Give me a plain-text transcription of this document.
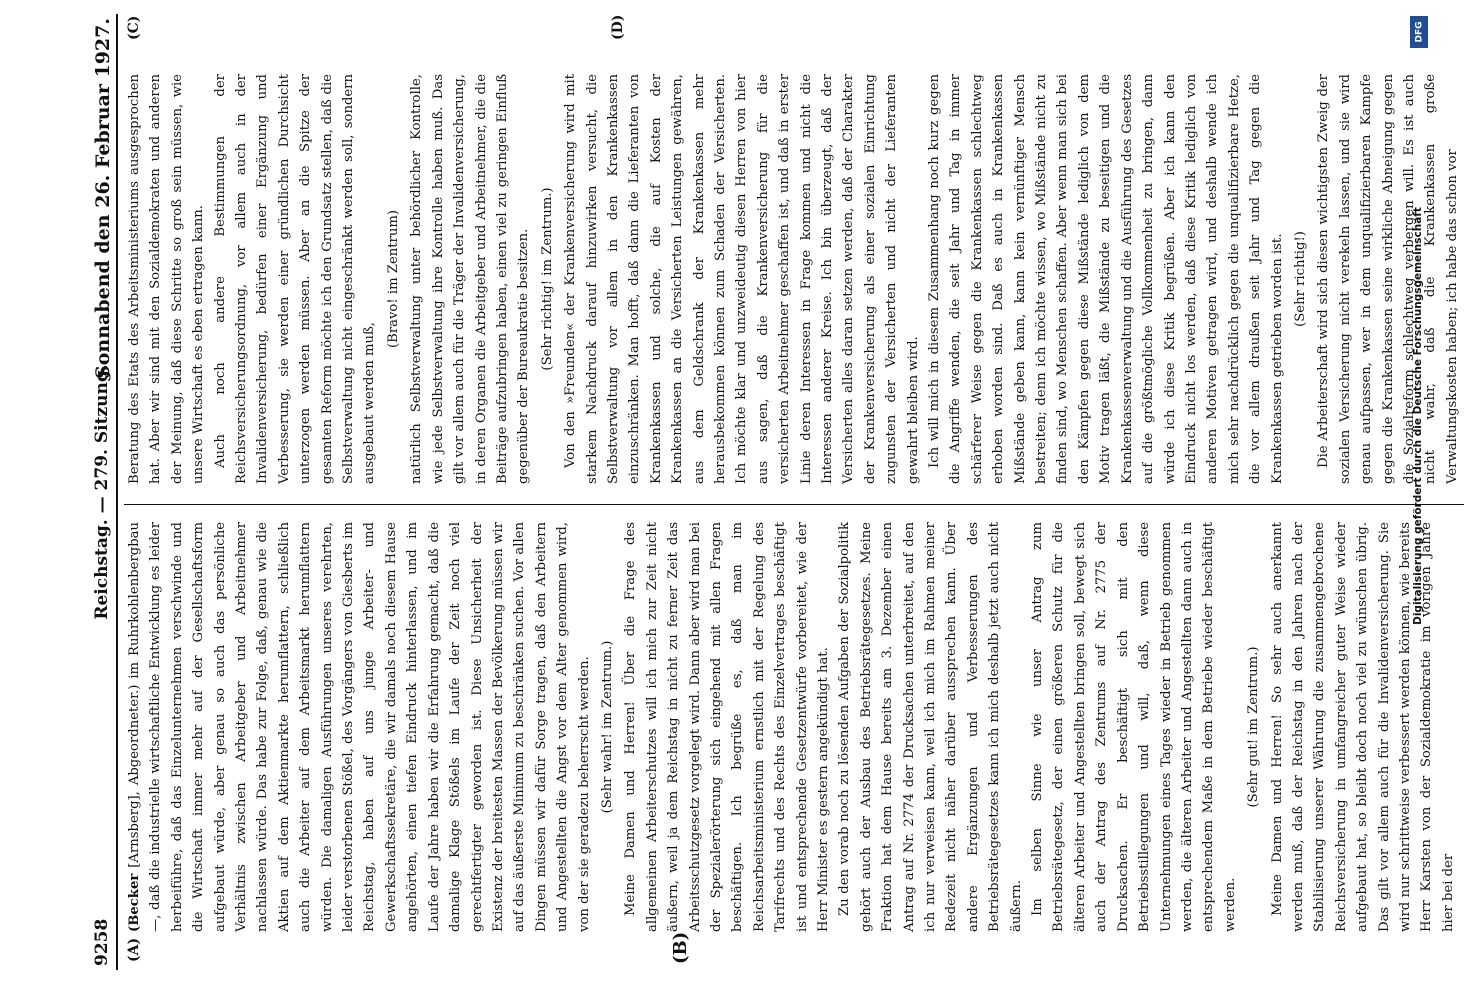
9258
Reichstag. — 279. Sitzung.
Sonnabend den 26. Februar 1927.
(A)	(B)
(C)	(D)

(Becker [Arnsberg], Abgeordneter.) im Ruhrkohlenbergbau —, daß die industrielle wirtschaftliche Entwicklung es leider herbeiführe, daß das Einzelunternehmen verschwinde und die Wirtschaft immer mehr auf der Gesellschaftsform aufgebaut würde, aber genau so auch das persönliche Verhältnis zwischen Arbeitgeber und Arbeitnehmer nachlassen würde. Das habe zur Folge, daß, genau wie die Aktien auf dem Aktienmarkte herumflattern, schließlich auch die Arbeiter auf dem Arbeitsmarkt herumflattern würden. Die damaligen Ausführungen unseres verehrten, leider verstorbenen Stößel, des Vorgängers von Giesberts im Reichstag, haben auf uns junge Arbeiter- und Gewerkschaftssekretäre, die wir damals noch diesem Hause angehörten, einen tiefen Eindruck hinterlassen, und im Laufe der Jahre haben wir die Erfahrung gemacht, daß die damalige Klage Stößels im Laufe der Zeit noch viel gerechtfertigter geworden ist. Diese Unsicherheit der Existenz der breitesten Massen der Bevölkerung müssen wir auf das äußerste Minimum zu beschränken suchen. Vor allen Dingen müssen wir dafür Sorge tragen, daß den Arbeitern und Angestellten die Angst vor dem Alter genommen wird, von der sie geradezu beherrscht werden. (Sehr wahr! im Zentrum.) Meine Damen und Herren! Über die Frage des allgemeinen Arbeiterschutzes will ich mich zur Zeit nicht äußern, weil ja dem Reichstag in nicht zu ferner Zeit das Arbeitsschutzgesetz vorgelegt wird. Dann aber wird man bei der Spezialerörterung sich eingehend mit allen Fragen beschäftigen. Ich begrüße es, daß man im Reichsarbeitsministerium ernstlich mit der Regelung des Tarifrechts und des Rechts des Einzelvertrages beschäftigt ist und entsprechende Gesetzentwürfe vorbereitet, wie der Herr Minister es gestern angekündigt hat. Zu den vorab noch zu lösenden Aufgaben der Sozialpolitik gehört auch der Ausbau des Betriebsrätegesetzes. Meine Fraktion hat dem Hause bereits am 3. Dezember einen Antrag auf Nr. 2774 der Drucksachen unterbreitet, auf den ich nur verweisen kann, weil ich mich im Rahmen meiner Redezeit nicht näher darüber aussprechen kann. Über andere Ergänzungen und Verbesserungen des Betriebsrätegesetzes kann ich mich deshalb jetzt auch nicht äußern. Im selben Sinne wie unser Antrag zum Betriebsrätegesetz, der einen größeren Schutz für die älteren Arbeiter und Angestellten bringen soll, bewegt sich auch der Antrag des Zentrums auf Nr. 2775 der Drucksachen. Er beschäftigt sich mit den Betriebsstillegungen und will, daß, wenn diese Unternehmungen eines Tages wieder in Betrieb genommen werden, die älteren Arbeiter und Angestellten dann auch in entsprechendem Maße in dem Betriebe wieder beschäftigt werden.

(Sehr gut! im Zentrum.) Meine Damen und Herren! So sehr auch anerkannt werden muß, daß der Reichstag in den Jahren nach der Stabilisierung unserer Währung die zusammengebrochene Reichsversicherung in umfangreicher guter Weise wieder aufgebaut hat, so bleibt doch noch viel zu wünschen übrig. Das gilt vor allem auch für die Invalidenversicherung. Sie wird nur schrittweise verbessert werden können, wie bereits Herr Karsten von der Sozialdemokratie im vorigen Jahre hier bei der

Beratung des Etats des Arbeitsministeriums ausgesprochen hat. Aber wir sind mit den Sozialdemokraten und anderen der Meinung, daß diese Schritte so groß sein müssen, wie unsere Wirtschaft es eben ertragen kann. Auch noch andere Bestimmungen der Reichsversicherungsordnung, vor allem auch in der Invalidenversicherung, bedürfen einer Ergänzung und Verbesserung, sie werden einer gründlichen Durchsicht unterzogen werden müssen. Aber an die Spitze der gesamten Reform möchte ich den Grundsatz stellen, daß die Selbstverwaltung nicht eingeschränkt werden soll, sondern ausgebaut werden muß,

(Bravo! im Zentrum) natürlich Selbstverwaltung unter behördlicher Kontrolle, wie jede Selbstverwaltung ihre Kontrolle haben muß. Das gilt vor allem auch für die Träger der Invalidenversicherung, in deren Organen die Arbeitgeber und Arbeitnehmer, die die Beiträge aufzubringen haben, einen viel zu geringen Einfluß gegenüber der Bureaukratie besitzen. (Sehr richtig! im Zentrum.) Von den »Freunden« der Krankenversicherung wird mit starkem Nachdruck darauf hinzuwirken versucht, die Selbstverwaltung vor allem in den Krankenkassen einzuschränken. Man hofft, daß dann die Lieferanten von Krankenkassen und solche, die auf Kosten der Krankenkassen an die Versicherten Leistungen gewähren, aus dem Geldschrank der Krankenkassen mehr herausbekommen können zum Schaden der Versicherten. Ich möchte klar und unzweideutig diesen Herren von hier aus sagen, daß die Krankenversicherung für die versicherten Arbeitnehmer geschaffen ist, und daß in erster Linie deren Interessen in Frage kommen und nicht die Interessen anderer Kreise. Ich bin überzeugt, daß der Versicherten alles daran setzen werden, daß der Charakter der Krankenversicherung als einer sozialen Einrichtung zugunsten der Versicherten und nicht der Lieferanten gewahrt bleiben wird. Ich will mich in diesem Zusammenhang noch kurz gegen die Angriffe wenden, die seit Jahr und Tag in immer schärferer Weise gegen die Krankenkassen schlechtweg erhoben worden sind. Daß es auch in Krankenkassen Mißstände geben kann, kann kein vernünftiger Mensch bestreiten; denn ich möchte wissen, wo Mißstände nicht zu finden sind, wo Menschen schaffen. Aber wenn man sich bei den Kämpfen gegen diese Mißstände lediglich von dem Motiv tragen läßt, die Mißstände zu beseitigen und die Krankenkassenverwaltung und die Ausführung des Gesetzes auf die größtmögliche Vollkommenheit zu bringen, dann würde ich diese Kritik begrüßen. Aber ich kann den Eindruck nicht los werden, daß diese Kritik lediglich von anderen Motiven getragen wird, und deshalb wende ich mich sehr nachdrücklich gegen die unqualifizierbare Hetze, die vor allem draußen seit Jahr und Tag gegen die Krankenkassen getrieben worden ist. (Sehr richtig!) Die Arbeiterschaft wird sich diesen wichtigsten Zweig der sozialen Versicherung nicht verekeln lassen, und sie wird genau aufpassen, wer in dem unqualifizierbaren Kampfe gegen die Krankenkassen seine wirkliche Abneigung gegen die Sozialreform schlechtweg verbergen will. Es ist auch nicht wahr, daß die Krankenkassen große Verwaltungskosten haben; ich habe das schon vor

DFG
Digitalisierung gefördert durch die Deutsche Forschungsgemeinschaft
